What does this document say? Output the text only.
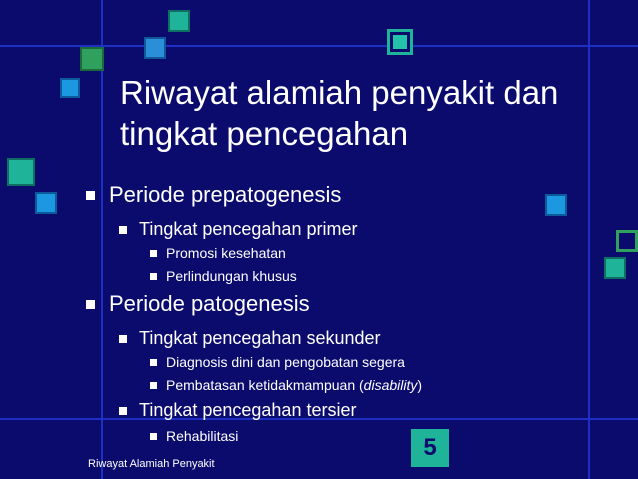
Riwayat alamiah penyakit dan
tingkat pencegahan
Periode prepatogenesis
Tingkat pencegahan primer
Promosi kesehatan
Perlindungan khusus
Periode patogenesis
Tingkat pencegahan sekunder
Diagnosis dini dan pengobatan segera
Pembatasan ketidakmampuan (disability)
Tingkat pencegahan tersier
Rehabilitasi
Riwayat Alamiah Penyakit
5
